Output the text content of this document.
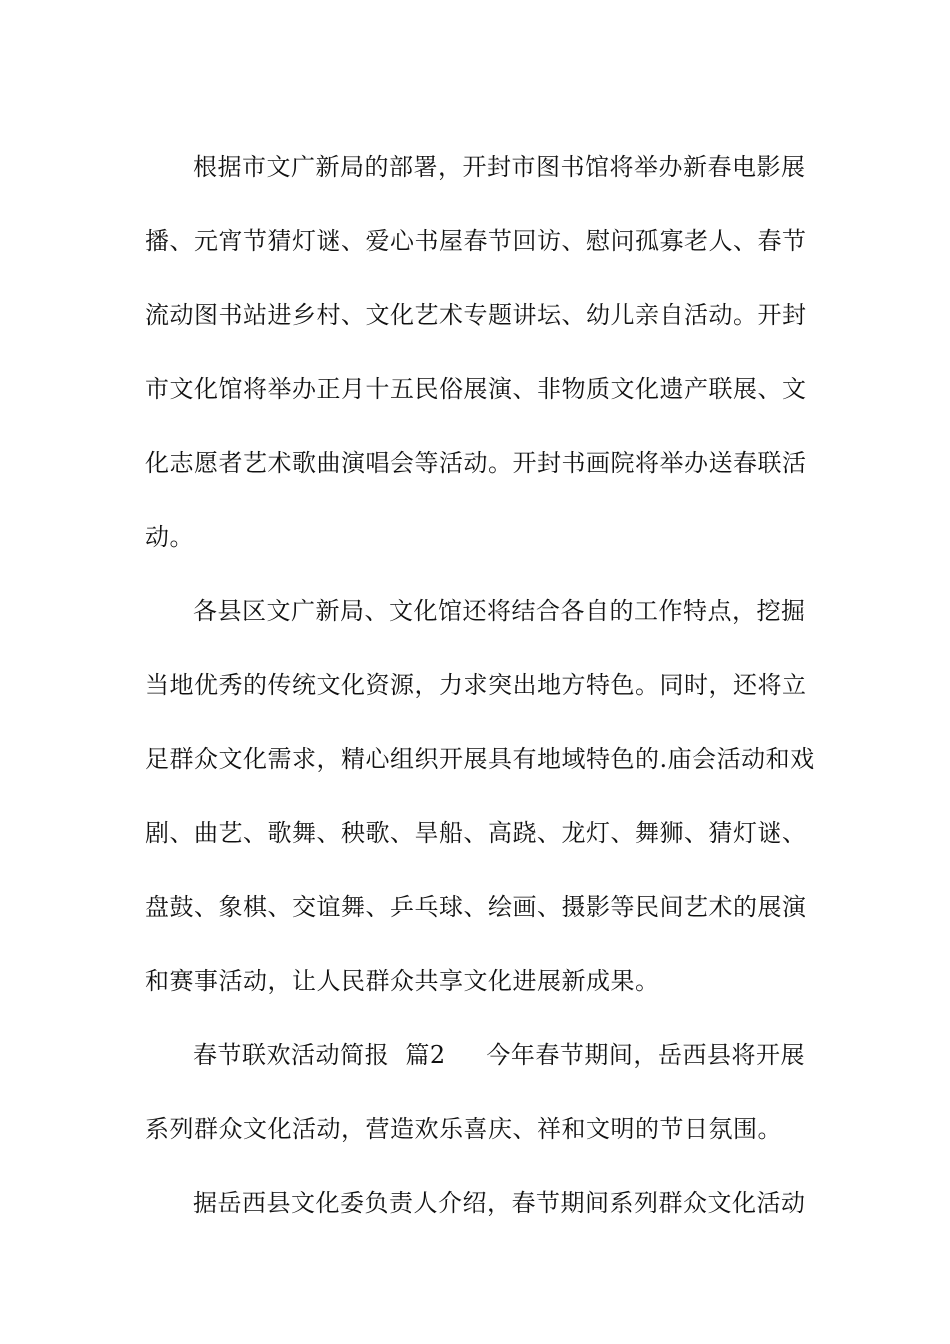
根据市文广新局的部署，开封市图书馆将举办新春电影展
播、元宵节猜灯谜、爱心书屋春节回访、慰问孤寡老人、春节
流动图书站进乡村、文化艺术专题讲坛、幼儿亲自活动。开封
市文化馆将举办正月十五民俗展演、非物质文化遗产联展、文
化志愿者艺术歌曲演唱会等活动。开封书画院将举办送春联活
动。
各县区文广新局、文化馆还将结合各自的工作特点，挖掘
当地优秀的传统文化资源，力求突出地方特色。同时，还将立
足群众文化需求，精心组织开展具有地域特色的.庙会活动和戏
剧、曲艺、歌舞、秧歌、旱船、高跷、龙灯、舞狮、猜灯谜、
盘鼓、象棋、交谊舞、乒乓球、绘画、摄影等民间艺术的展演
和赛事活动，让人民群众共享文化进展新成果。
春节联欢活动简报  篇2     今年春节期间，岳西县将开展
系列群众文化活动，营造欢乐喜庆、祥和文明的节日氛围。
据岳西县文化委负责人介绍，春节期间系列群众文化活动
